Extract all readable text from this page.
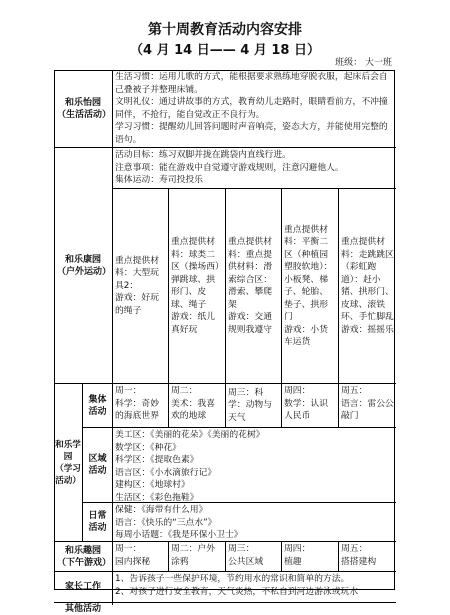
第十周教育活动内容安排
（4 月 14 日—— 4 月 18 日）
班级： 大一班
和乐怡园
（生活活动）
生活习惯：运用儿歌的方式，能根据要求熟练地穿脱衣服，起床后会自己叠被子并整理床铺。
文明礼仪：通过讲故事的方式，教育幼儿走路时，眼睛看前方，不冲撞同伴，不抢行，能自觉改正不良行为。
学习习惯：提醒幼儿回答问题时声音响亮，姿态大方，并能使用完整的语句。
和乐康园
（户外运动）
活动目标：练习双脚并拢在跳袋内直线行进。
注意事项：能在游戏中自觉遵守游戏规则，注意闪避他人。
集体运动：寿司投投乐
重点提供材料：大型玩具2：
游戏：好玩的绳子
重点提供材料：球类二区（操场西）弹跳球、拱形门、皮球、绳子
游戏：纸儿真好玩
重点提供材料：重点提供材料：滑索综合区：滑索、攀爬架
游戏：交通规则我遵守
重点提供材料：平衡二区（种植园塑胶软地）：小板凳、梯子、轮胎、垫子、拱形门
游戏：小货车运货
重点提供材料：走跳跳区（彩虹跑道）：赶小猪、拱形门、皮球、滚铁环、手忙脚乱
游戏：摇摇乐
和乐学园
（学习活动）
集体活动
周一：
科学：奇妙的海底世界
周二：
美术：我喜欢的地球
周三：科学：动物与天气
周四：
数学：认识人民币
周五：
语言：雷公公敲门
区域活动
美工区：《美丽的花朵》《美丽的花树》
数学区：《种花》
科学区：《提取色素》
语言区：《小水滴旅行记》
建构区：《地球村》
生活区：《彩色拖鞋》
日常活动
保健：《海带有什么用》
语言：《快乐的“三点水”》
每周小话题：《我是环保小卫士》
和乐趣园
（下午游戏）
周一：
园内探秘
周二：户外涂鸦
周三：
公共区域
周四：
植趣
周五：
搭搭建构
家长工作
1、告诉孩子一些保护环境，节约用水的常识和简单的方法。
2、对孩子进行安全教育，天气炎热，不私自到河边游泳或玩水
其他活动
